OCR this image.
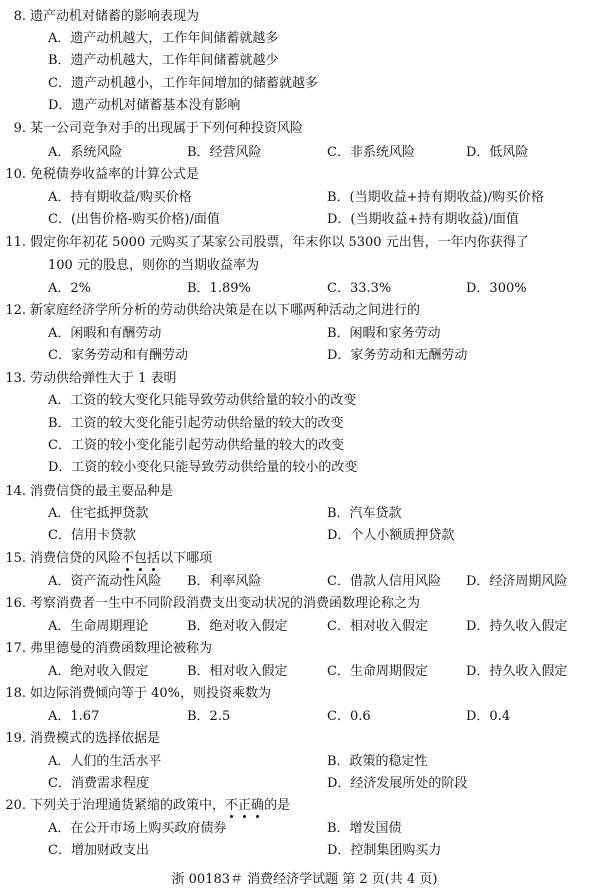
8. 遗产动机对储蓄的影响表现为
A．遗产动机越大，工作年间储蓄就越多
B．遗产动机越大，工作年间储蓄就越少
C．遗产动机越小，工作年间增加的储蓄就越多
D．遗产动机对储蓄基本没有影响
9. 某一公司竞争对手的出现属于下列何种投资风险
A．系统风险	B．经营风险	C．非系统风险	D．低风险
10. 免税债券收益率的计算公式是
A．持有期收益/购买价格	B．(当期收益+持有期收益)/购买价格
C．(出售价格-购买价格)/面值	D．(当期收益+持有期收益)/面值
11. 假定你年初花 5000 元购买了某家公司股票，年末你以 5300 元出售，一年内你获得了
100 元的股息，则你的当期收益率为
A．2%	B．1.89%	C．33.3%	D．300%
12. 新家庭经济学所分析的劳动供给决策是在以下哪两种活动之间进行的
A．闲暇和有酬劳动	B．闲暇和家务劳动
C．家务劳动和有酬劳动	D．家务劳动和无酬劳动
13. 劳动供给弹性大于 1 表明
A．工资的较大变化只能导致劳动供给量的较小的改变
B．工资的较大变化能引起劳动供给量的较大的改变
C．工资的较小变化能引起劳动供给量的较大的改变
D．工资的较小变化只能导致劳动供给量的较小的改变
14. 消费信贷的最主要品种是
A．住宅抵押贷款	B．汽车贷款
C．信用卡贷款	D．个人小额质押贷款
15. 消费信贷的风险不包括以下哪项
A．资产流动性风险 B．利率风险	C．借款人信用风险 D．经济周期风险
16. 考察消费者一生中不同阶段消费支出变动状况的消费函数理论称之为
A．生命周期理论	B．绝对收入假定	C．相对收入假定	D．持久收入假定
17. 弗里德曼的消费函数理论被称为
A．绝对收入假定	B．相对收入假定	C．生命周期假定	D．持久收入假定
18. 如边际消费倾向等于 40%，则投资乘数为
A．1.67	B．2.5	C．0.6	D．0.4
19. 消费模式的选择依据是
A．人们的生活水平	B．政策的稳定性
C．消费需求程度	D．经济发展所处的阶段
20. 下列关于治理通货紧缩的政策中，不正确的是
A．在公开市场上购买政府债券	B．增发国债
C．增加财政支出	D．控制集团购买力
浙 00183＃ 消费经济学试题 第 2 页(共 4 页)
